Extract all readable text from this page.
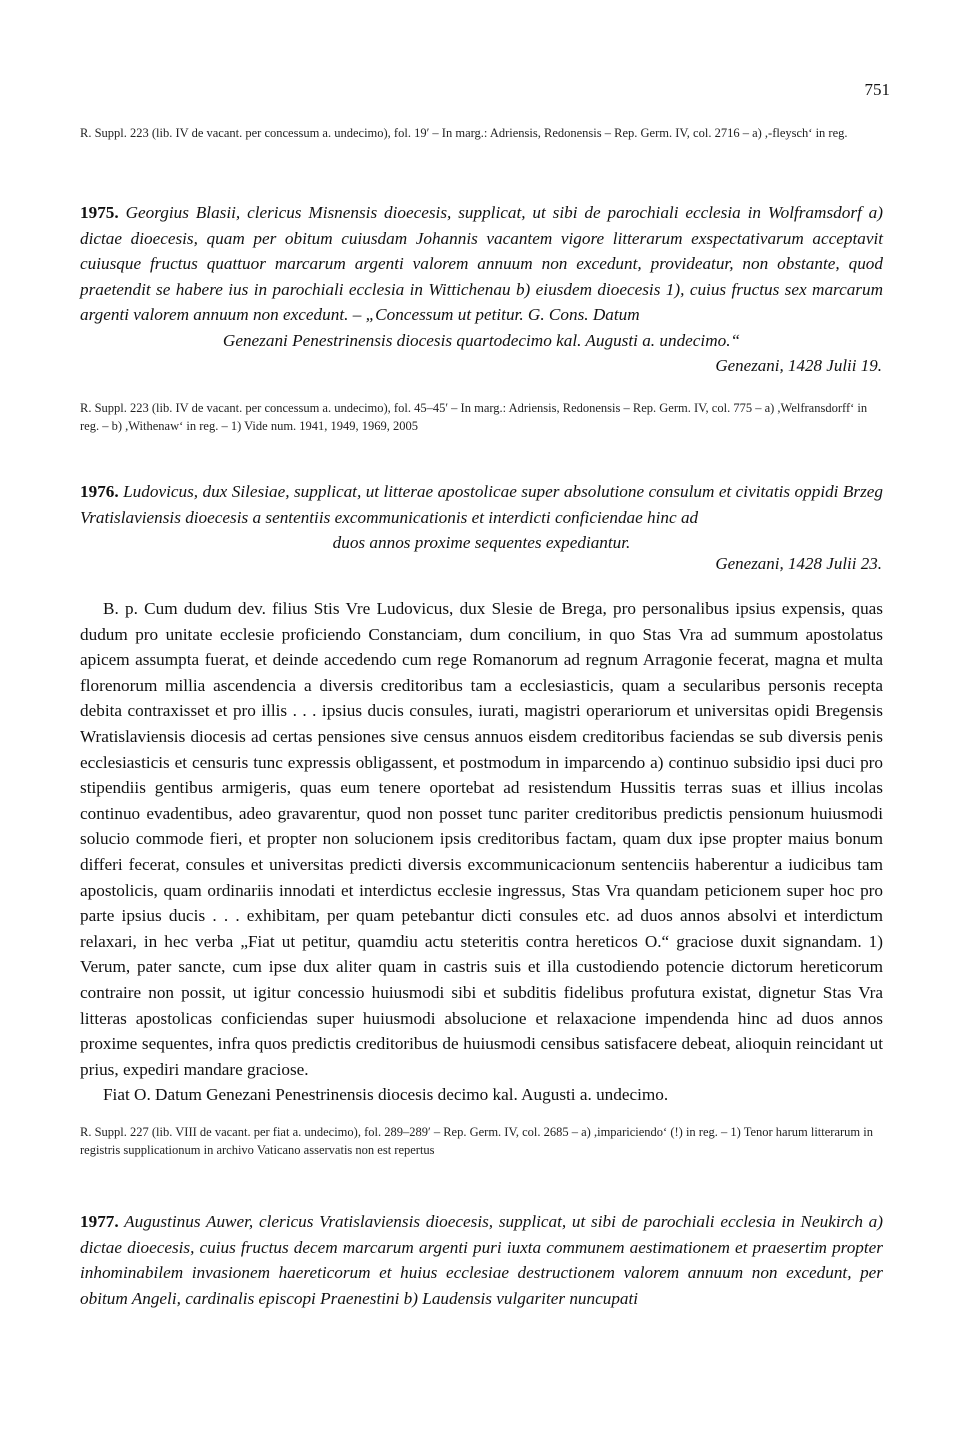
751
R. Suppl. 223 (lib. IV de vacant. per concessum a. undecimo), fol. 19′ – In marg.: Adriensis, Redonensis – Rep. Germ. IV, col. 2716 – a) ,-fleysch‘ in reg.
1975. Georgius Blasii, clericus Misnensis dioecesis, supplicat, ut sibi de parochiali ecclesia in Wolframsdorf a) dictae dioecesis, quam per obitum cuiusdam Johannis vacantem vigore litterarum exspectativarum acceptavit cuiusque fructus quattuor marcarum argenti valorem annuum non excedunt, provideatur, non obstante, quod praetendit se habere ius in parochiali ecclesia in Wittichenau b) eiusdem dioecesis 1), cuius fructus sex marcarum argenti valorem annuum non excedunt. – „Concessum ut petitur. G. Cons. Datum
Genezani Penestrinensis diocesis quartodecimo kal. Augusti a. undecimo.“
Genezani, 1428 Julii 19.
R. Suppl. 223 (lib. IV de vacant. per concessum a. undecimo), fol. 45–45′ – In marg.: Adriensis, Redonensis – Rep. Germ. IV, col. 775 – a) ,Welfransdorff‘ in reg. – b) ,Withenaw‘ in reg. – 1) Vide num. 1941, 1949, 1969, 2005
1976. Ludovicus, dux Silesiae, supplicat, ut litterae apostolicae super absolutione consulum et civitatis oppidi Brzeg Vratislaviensis dioecesis a sententiis excommunicationis et interdicti conficiendae hinc ad
duos annos proxime sequentes expediantur.
Genezani, 1428 Julii 23.

B. p. Cum dudum dev. filius Stis Vre Ludovicus, dux Slesie de Brega, pro personalibus ipsius expensis, quas dudum pro unitate ecclesie proficiendo Constanciam, dum concilium, in quo Stas Vra ad summum apostolatus apicem assumpta fuerat, et deinde accedendo cum rege Romanorum ad regnum Arragonie fecerat, magna et multa florenorum millia ascendencia a diversis creditoribus tam a ecclesiasticis, quam a secularibus personis recepta debita contraxisset et pro illis . . . ipsius ducis consules, iurati, magistri operariorum et universitas opidi Bregensis Wratislaviensis diocesis ad certas pensiones sive census annuos eisdem creditoribus faciendas se sub diversis penis ecclesiasticis et censuris tunc expressis obligassent, et postmodum in imparcendo a) continuo subsidio ipsi duci pro stipendiis gentibus armigeris, quas eum tenere oportebat ad resistendum Hussitis terras suas et illius incolas continuo evadentibus, adeo gravarentur, quod non posset tunc pariter creditoribus predictis pensionum huiusmodi solucio commode fieri, et propter non solucionem ipsis creditoribus factam, quam dux ipse propter maius bonum differi fecerat, consules et universitas predicti diversis excommunicacionum sentenciis haberentur a iudicibus tam apostolicis, quam ordinariis innodati et interdictus ecclesie ingressus, Stas Vra quandam peticionem super hoc pro parte ipsius ducis . . . exhibitam, per quam petebantur dicti consules etc. ad duos annos absolvi et interdictum relaxari, in hec verba „Fiat ut petitur, quamdiu actu steteritis contra hereticos O.“ graciose duxit signandam. 1) Verum, pater sancte, cum ipse dux aliter quam in castris suis et illa custodiendo potencie dictorum hereticorum contraire non possit, ut igitur concessio huiusmodi sibi et subditis fidelibus profutura existat, dignetur Stas Vra litteras apostolicas conficiendas super huiusmodi absolucione et relaxacione impendenda hinc ad duos annos proxime sequentes, infra quos predictis creditoribus de huiusmodi censibus satisfacere debeat, alioquin reincidant ut prius, expediri mandare graciose.

Fiat O. Datum Genezani Penestrinensis diocesis decimo kal. Augusti a. undecimo.

R. Suppl. 227 (lib. VIII de vacant. per fiat a. undecimo), fol. 289–289′ – Rep. Germ. IV, col. 2685 – a) ,impariciendo‘ (!) in reg. – 1) Tenor harum litterarum in registris supplicationum in archivo Vaticano asservatis non est repertus
1977. Augustinus Auwer, clericus Vratislaviensis dioecesis, supplicat, ut sibi de parochiali ecclesia in Neukirch a) dictae dioecesis, cuius fructus decem marcarum argenti puri iuxta communem aestimationem et praesertim propter inhominabilem invasionem haereticorum et huius ecclesiae destructionem valorem annuum non excedunt, per obitum Angeli, cardinalis episcopi Praenestini b) Laudensis vulgariter nuncupati
